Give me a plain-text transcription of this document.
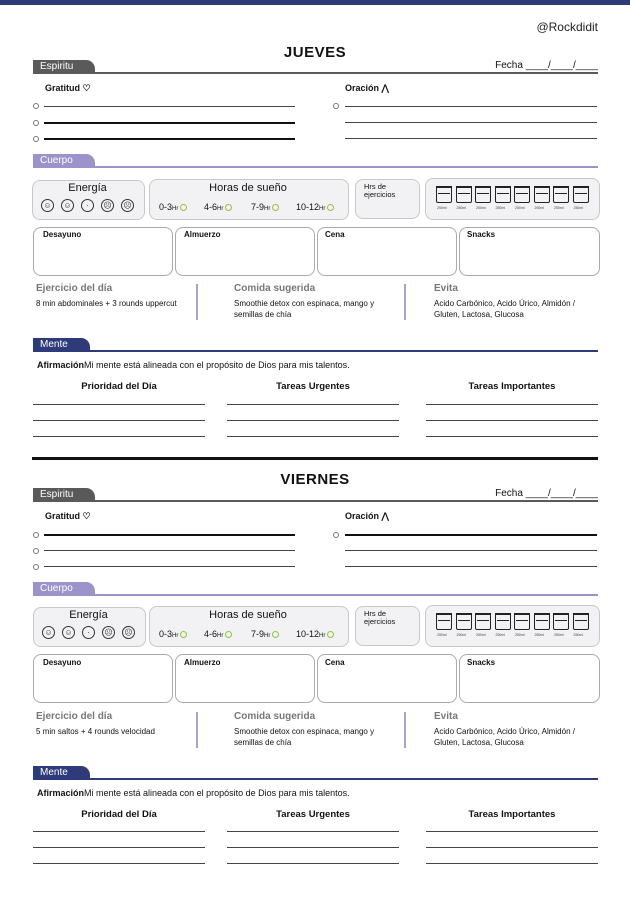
@Rockdidit
JUEVES
Espiritu	Fecha ____/____/____
Gratitud ♡	Oración ⋀
Cuerpo
Energía
☺	☺	·	☹ ☹
Horas de sueño
0-3Hr	4-6Hr	7-9Hr	10-12Hr
Hrs de ejercicios
Desayuno	Almuerzo	Cena	Snacks
Ejercicio del día
8 min abdominales + 3 rounds uppercut
Comida sugerida
Smoothie detox con espinaca, mango y semillas de chía
Evita
Acido Carbónico, Acido Úrico, Almidón / Gluten, Lactosa, Glucosa
Mente
AfirmaciónMi mente está alineada con el propósito de Dios para mis talentos.
Prioridad del Día	Tareas Urgentes	Tareas Importantes
250ml	250ml	250ml	250ml	250ml	250ml	250ml	250ml
VIERNES
Espiritu	Fecha ____/____/____
Gratitud ♡	Oración ⋀
Cuerpo
Energía
☺	☺	·	☹ ☹
Horas de sueño
0-3Hr	4-6Hr	7-9Hr	10-12Hr
Hrs de ejercicios
Desayuno	Almuerzo	Cena	Snacks
Ejercicio del día
5 min saltos + 4 rounds velocidad
Comida sugerida
Smoothie detox con espinaca, mango y semillas de chía
Evita
Acido Carbónico, Acido Úrico, Almidón / Gluten, Lactosa, Glucosa
Mente
AfirmaciónMi mente está alineada con el propósito de Dios para mis talentos.
Prioridad del Día	Tareas Urgentes	Tareas Importantes
250ml	250ml	250ml	250ml	250ml	250ml	250ml	250ml
